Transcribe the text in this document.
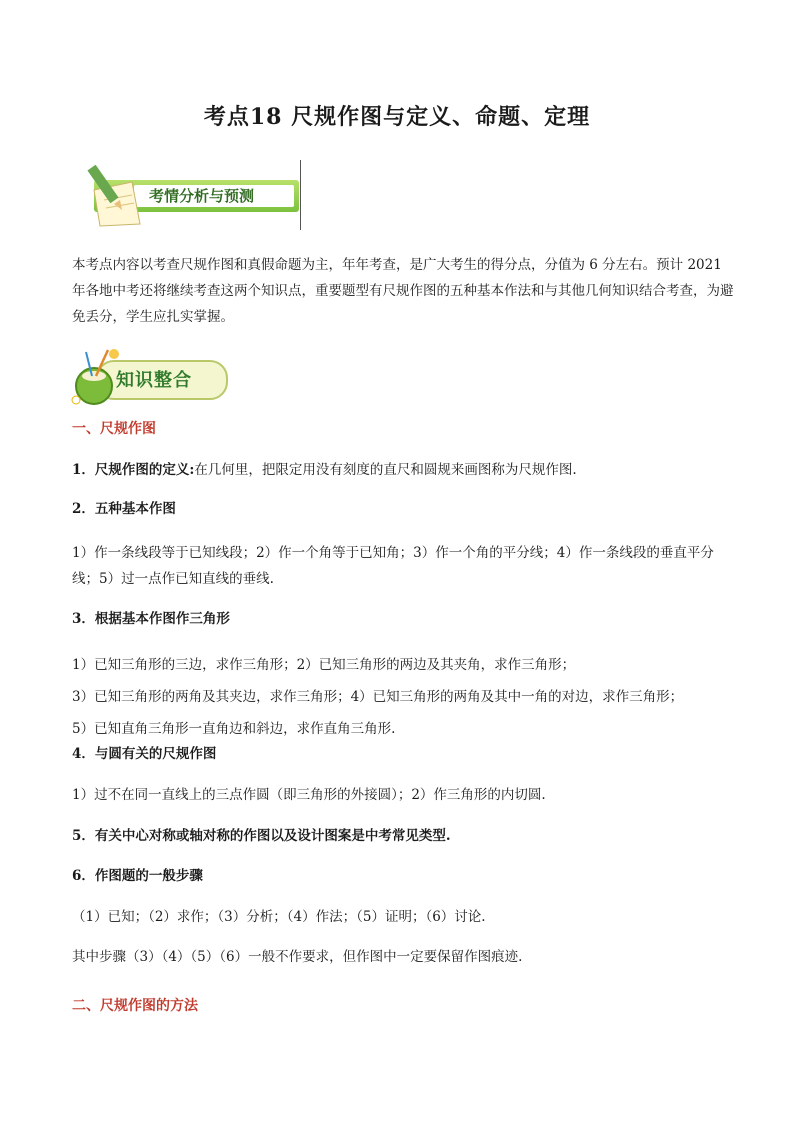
考点18 尺规作图与定义、命题、定理
考情分析与预测

本考点内容以考查尺规作图和真假命题为主，年年考查，是广大考生的得分点，分值为 6 分左右。预计 2021 年各地中考还将继续考查这两个知识点，重要题型有尺规作图的五种基本作法和与其他几何知识结合考查，为避免丢分，学生应扎实掌握。

知识整合

一、尺规作图

1．尺规作图的定义:在几何里，把限定用没有刻度的直尺和圆规来画图称为尺规作图.

2．五种基本作图

1）作一条线段等于已知线段；2）作一个角等于已知角；3）作一个角的平分线；4）作一条线段的垂直平分线；5）过一点作已知直线的垂线.

3．根据基本作图作三角形

1）已知三角形的三边，求作三角形；2）已知三角形的两边及其夹角，求作三角形；

3）已知三角形的两角及其夹边，求作三角形；4）已知三角形的两角及其中一角的对边，求作三角形；

5）已知直角三角形一直角边和斜边，求作直角三角形.

4．与圆有关的尺规作图

1）过不在同一直线上的三点作圆（即三角形的外接圆）；2）作三角形的内切圆.

5．有关中心对称或轴对称的作图以及设计图案是中考常见类型.

6．作图题的一般步骤

（1）已知；（2）求作；（3）分析；（4）作法；（5）证明；（6）讨论.

其中步骤（3）（4）（5）（6）一般不作要求，但作图中一定要保留作图痕迹.

二、尺规作图的方法
